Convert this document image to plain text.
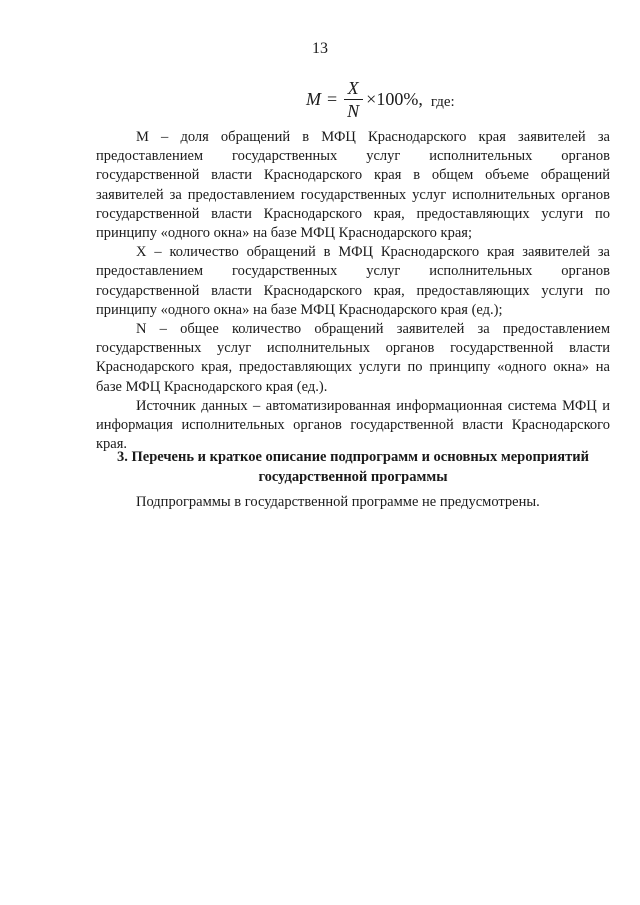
13
$M = \frac{X}{N} \times 100\%$, где:

M – доля обращений в МФЦ Краснодарского края заявителей за предоставлением государственных услуг исполнительных органов государственной власти Краснодарского края в общем объеме обращений заявителей за предоставлением государственных услуг исполнительных органов государственной власти Краснодарского края, предоставляющих услуги по принципу «одного окна» на базе МФЦ Краснодарского края;

X – количество обращений в МФЦ Краснодарского края заявителей за предоставлением государственных услуг исполнительных органов государственной власти Краснодарского края, предоставляющих услуги по принципу «одного окна» на базе МФЦ Краснодарского края (ед.);

N – общее количество обращений заявителей за предоставлением государственных услуг исполнительных органов государственной власти Краснодарского края, предоставляющих услуги по принципу «одного окна» на базе МФЦ Краснодарского края (ед.).

Источник данных – автоматизированная информационная система МФЦ и информация исполнительных органов государственной власти Краснодарского края.

3. Перечень и краткое описание подпрограмм и основных мероприятий государственной программы

Подпрограммы в государственной программе не предусмотрены.
